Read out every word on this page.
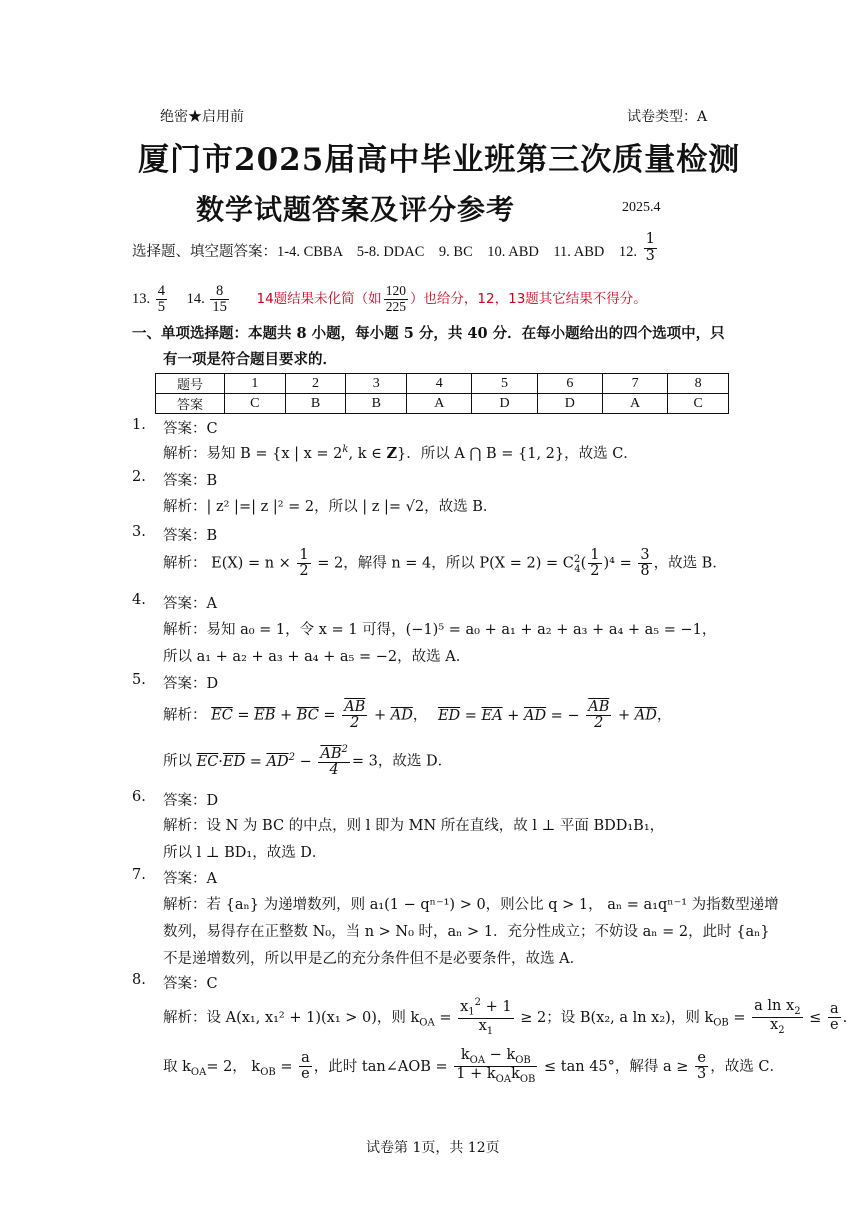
绝密★启用前	试卷类型：A
厦门市2025届高中毕业班第三次质量检测
数学试题答案及评分参考	2025.4
选择题、填空题答案：1-4. CBBA　5-8. DDAC　9. BC　10. ABD　11. ABD　12. $\frac{1}{3}$
13. $\frac{4}{5} 14$. $\frac{8}{15} 14$题结果未化简（如 $\frac{120}{225}$ ）也给分，12，13题其它结果不得分。
一、单项选择题：本题共 8 小题，每小题 5 分，共 40 分．在每小题给出的四个选项中，只
有一项是符合题目要求的．
题号	1	2	3	4	5	6	7	8
答案	C	B	B	A	D	D	A	C
1. 答案：C
解析：易知 B = {x | $x = 2^k$, k ∈ Z}．所以 A ⋂ B = {1, 2}，故选 C．
2. 答案：B
解析：| z² |=| z |² = 2，所以 | z |= √2，故选 B．
3. 答案：B
解析： $E(X) = n \times \frac{1}{2} = 2$，解得 n = 4，所以 $P(X = 2) = C^2_4( \frac{1}{2} )^4 = \frac{3}{8}$ ，故选 B．
4. 答案：A
解析：易知 a₀ = 1，令 x = 1 可得，(−1)⁵ = a₀ + a₁ + a₂ + a₃ + a₄ + a₅ = −1，
所以 a₁ + a₂ + a₃ + a₄ + a₅ = −2，故选 A．
5. 答案：D
解析： $\overline{EC} = \overline{EB} + \overline{BC} = \frac{\overline{AB}}{2} + \overline{AD}$， $\overline{ED} = \overline{EA} + \overline{AD}$ = − $\frac{\overline{AB}}{2} + \overline{AD}$，
所以 $\overline{EC}\cdot\overline{ED} = \overline{AD}^2 - \frac{\overline{AB}^2}{4} = 3$，故选 D．
6. 答案：D
解析：设 N 为 BC 的中点，则 l 即为 MN 所在直线，故 l ⊥ 平面 BDD₁B₁，
所以 l ⊥ BD₁，故选 D．
7. 答案：A
解析：若 {aₙ} 为递增数列，则 a₁(1 − qⁿ⁻¹) > 0，则公比 q > 1， aₙ = a₁qⁿ⁻¹ 为指数型递增
数列，易得存在正整数 N₀，当 n > N₀ 时，aₙ > 1．充分性成立；不妨设 aₙ = 2，此时 {aₙ}
不是递增数列，所以甲是乙的充分条件但不是必要条件，故选 A．
8. 答案：C
解析：设 A(x₁, x₁² + 1)(x₁ > 0)，则 $k_{OA} = \frac{x_1^2 + 1}{x_1} \ge 2$；设 B(x₂, a ln x₂)，则 $k_{OB} = \frac{a \ln x_2}{x_2} \le \frac{a}{e}$ .
取 $k_{OA}= 2$， $k_{OB} = \frac{a}{e}$ ，此时 tan∠AOB = $\frac{k_{OA} - k_{OB}}{1 + k_{OA}k_{OB}} \le \tan 45^\circ$，解得 $a \ge \frac{e}{3}$ ，故选 C．
试卷第 1页，共 12页
